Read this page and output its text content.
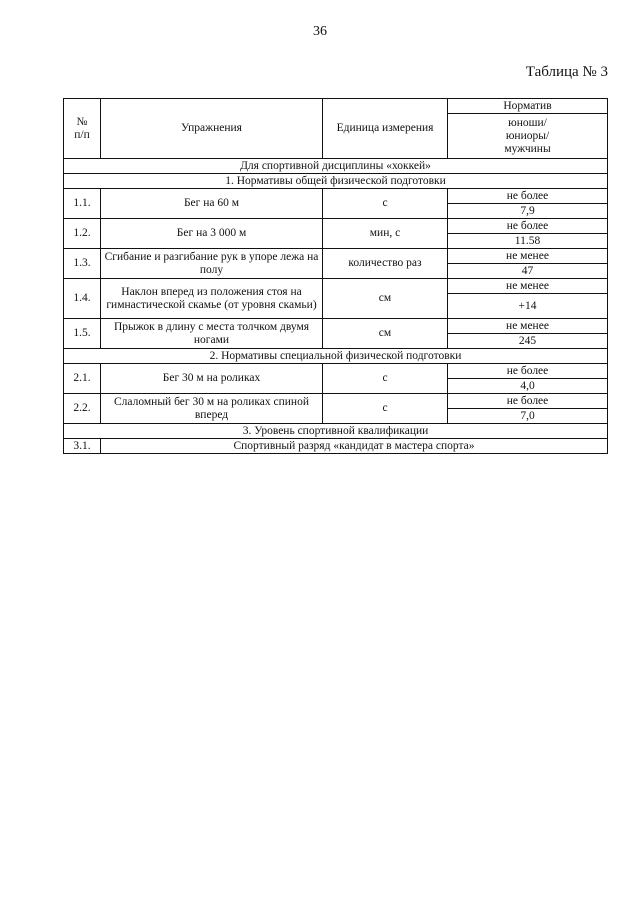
36
Таблица № 3
№
п/п	Упражнения	Единица измерения	Норматив
			юноши/
юниоры/
мужчины
Для спортивной дисциплины «хоккей»			
1. Нормативы общей физической подготовки			
1.1.	Бег на 60 м	с	не более
			7,9
1.2.	Бег на 3 000 м	мин, с	не более
			11.58
1.3.	Сгибание и разгибание рук в упоре лежа на полу	количество раз	не менее
			47
1.4.	Наклон вперед из положения стоя на гимнастической скамье (от уровня скамьи)	см	не менее
			+14
1.5.	Прыжок в длину с места толчком двумя ногами	см	не менее
			245
2. Нормативы специальной физической подготовки			
2.1.	Бег 30 м на роликах	с	не более
			4,0
2.2.	Слаломный бег 30 м на роликах спиной вперед	с	не более
			7,0
3. Уровень спортивной квалификации			
3.1.	Спортивный разряд «кандидат в мастера спорта»		
